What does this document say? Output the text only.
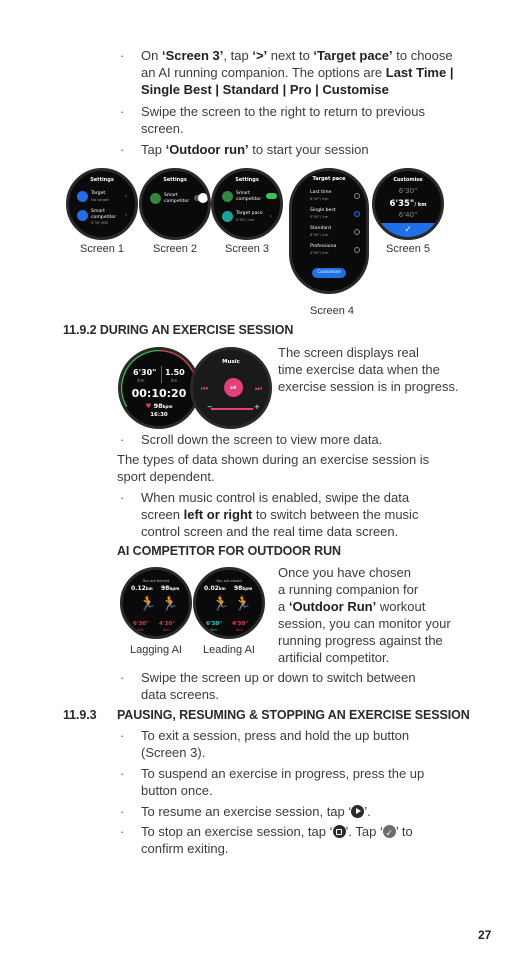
· On ‘Screen 3’, tap ‘>’ next to ‘Target pace’ to choose
an AI running companion. The options are Last Time |
Single Best | Standard | Pro | Customise
· Swipe the screen to the right to return to previous
screen.
· Tap ‘Outdoor run’ to start your session
Settings
Target
No target	›
Smart
competitor
5'30"/KM
›
Screen 1
Settings
Smart
competitor
Screen 2
Settings
Smart
competitor
Target pace
5'30"/ km	›
Screen 3
Target pace
Last time
6'30"/ km
Single best
5'30"/ km
Standard
6'30"/ km
Professiona
4'00"/ km
Customise
Screen 4
Customise
6'30"
6'35"/ km
6'40"
✓
Screen 5
11.9.2 DURING AN EXERCISE SESSION
6'30"
/km
1.50
km
00:10:20
♥ 98bpm
16:30
Music
⏮	⏯	⏭
−	+
The screen displays real
time exercise data when the
exercise session is in progress.
· Scroll down the screen to view more data.
The types of data shown during an exercise session is
sport dependent.
· When music control is enabled, swipe the data
screen left or right to switch between the music
control screen and the real time data screen.
AI COMPETITOR FOR OUTDOOR RUN
You are behind
0.12km 98bpm
🏃 🏃
6'30" 4'30"
/km	/km
Lagging AI
You are ahead
0.02km 98bpm
🏃 🏃
6'30" 4'30"
/km	/km
Leading AI
Once you have chosen
a running companion for
a ‘Outdoor Run’ workout
session, you can monitor your
running progress against the
artificial competitor.
· Swipe the screen up or down to switch between
data screens.
11.9.3 PAUSING, RESUMING & STOPPING AN EXERCISE SESSION
· To exit a session, press and hold the up button
(Screen 3).
· To suspend an exercise in progress, press the up
button once.
· To resume an exercise session, tap ‘ ’.
· To stop an exercise session, tap ‘ ’. Tap ‘ ✓ ’ to
confirm exiting.
27
